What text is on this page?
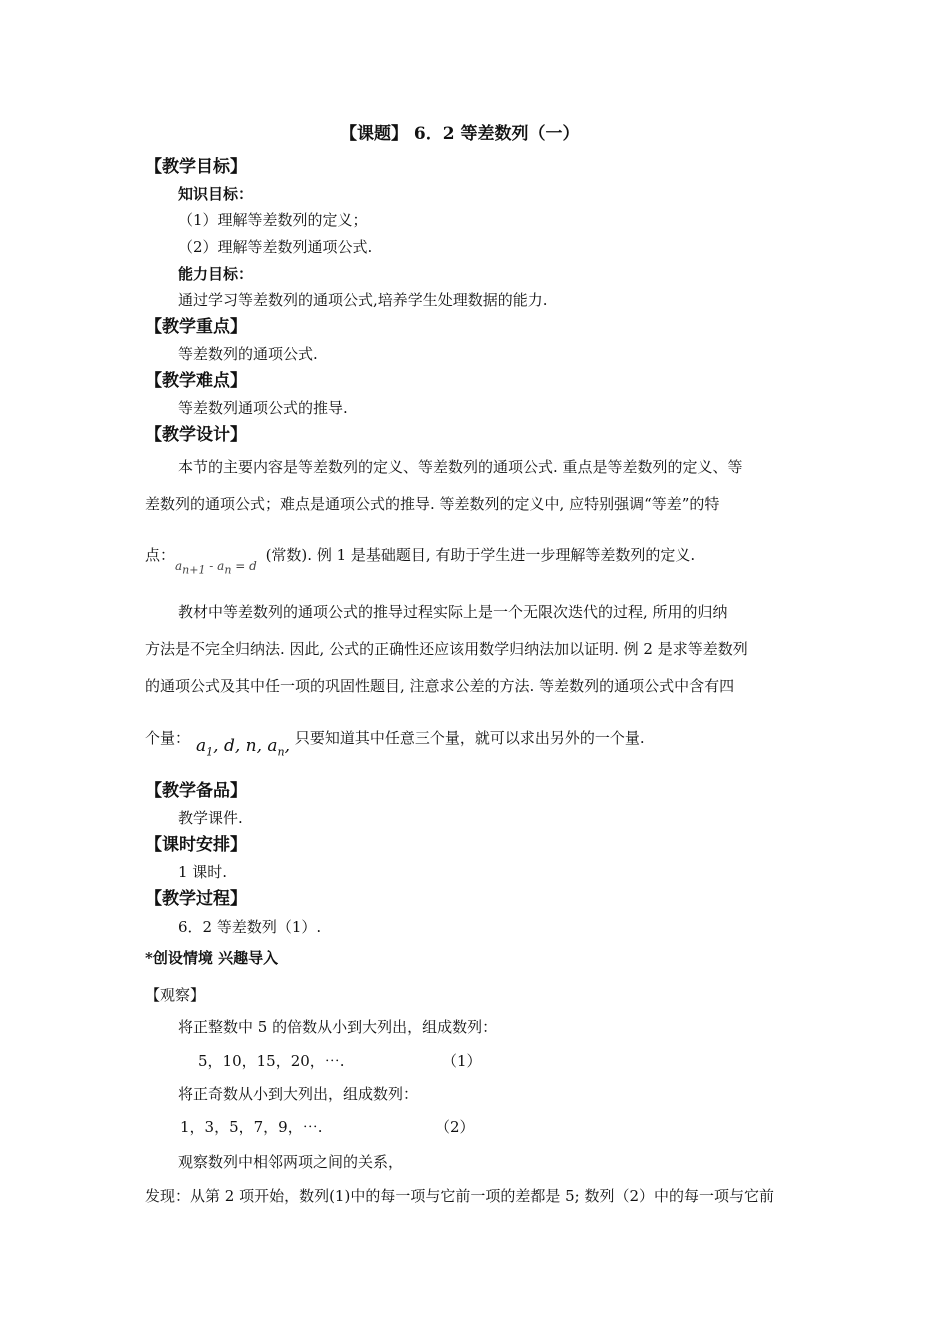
【课题】 6．2 等差数列（一）
【教学目标】
知识目标：
（1）理解等差数列的定义；
（2）理解等差数列通项公式.
能力目标：
通过学习等差数列的通项公式,培养学生处理数据的能力.
【教学重点】
等差数列的通项公式.
【教学难点】
等差数列通项公式的推导.
【教学设计】
本节的主要内容是等差数列的定义、等差数列的通项公式. 重点是等差数列的定义、等
差数列的通项公式；难点是通项公式的推导. 等差数列的定义中, 应特别强调“等差”的特
点：$_{a_{n+1} - a_n = d}$ (常数). 例 1 是基础题目, 有助于学生进一步理解等差数列的定义.
教材中等差数列的通项公式的推导过程实际上是一个无限次迭代的过程, 所用的归纳
方法是不完全归纳法. 因此, 公式的正确性还应该用数学归纳法加以证明. 例 2 是求等差数列
的通项公式及其中任一项的巩固性题目, 注意求公差的方法. 等差数列的通项公式中含有四
个量： $a_1$, d, n, $a_n$, 只要知道其中任意三个量，就可以求出另外的一个量.
【教学备品】
教学课件.
【课时安排】
1 课时.
【教学过程】
6．2 等差数列（1）.
*创设情境 兴趣导入
【观察】
将正整数中 5 的倍数从小到大列出，组成数列：
5，10，15，20，⋯.	（1）
将正奇数从小到大列出，组成数列：
1，3，5，7，9，⋯.	（2）
观察数列中相邻两项之间的关系，
发现：从第 2 项开始，数列(1)中的每一项与它前一项的差都是 5; 数列（2）中的每一项与它前
